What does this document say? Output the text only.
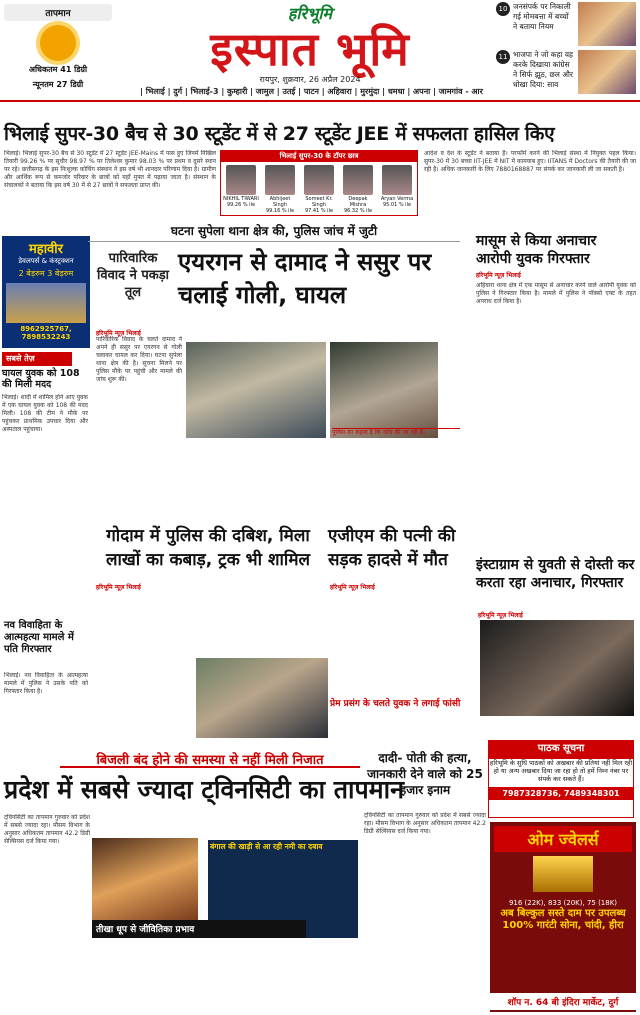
तापमान
अधिकतम 41 डिग्री
न्यूनतम 27 डिग्री
हरिभूमि
इस्पात भूमि
रायपुर, शुक्रवार, 26 अप्रैल 2024
| भिलाई | दुर्ग | भिलाई-3 | कुम्हारी | जामुल | उतई | पाटन | अहिवारा | मुरमुंदा | धमधा | अपना | जामगांव - आर
10 जनसंपर्क पर निकाली गई मोमबत्ता में बच्चों ने बताया नियम
11 भाजपा ने जो कहा वह करके दिखाया कांग्रेस ने सिर्फ झूठ, छल और धोखा दिया: साव
भिलाई सुपर-30 बैच से 30 स्टूडेंट में से 27 स्टूडेंट JEE में सफलता हासिल किए
भिलाई। भिलाई सुपर-30 बैच से 30 स्टूडेंट में 27 स्टूडेंट JEE-Mains में पास हुए जिनमें निखिल तिवारी 99.26 % पर सुधीर 98.97 % पर तिलेश्वर कुमार 98.03 % पर प्रथम व दूसरे स्थान पर रहे। छत्तीसगढ़ के इस निःशुल्क कोचिंग संस्थान ने इस वर्ष भी शानदार परिणाम दिया है। ग्रामीण और आर्थिक रूप से कमजोर परिवार के छात्रों को यहाँ मुफ्त में पढ़ाया जाता है। संस्थान के संचालकों ने बताया कि इस वर्ष 30 में से 27 छात्रों ने सफलता प्राप्त की।
भिलाई सुपर-30 के टॉपर छात्र
NIKHIL TIWARI
99.26 % ile
Abhijeet Singh
99.16 % ile
Someet Kr. Singh
97.41 % ile
Deepak Mishra
96.32 % ile
Aryan Verma
95.01 % ile
आदेश व देश के स्टूडेंट ने बताया है। परफॉर्म करने की भिलाई संस्था में नियुक्त पहल किया। सुपर-30 में 30 बच्चा IIT-JEE में NIT में कामयाब हुए। IITANS में Doctors की तैयारी की जा रही है। अधिक जानकारी के लिए 7880168887 पर संपर्क कर जानकारी ली जा सकती है।
महावीर
डेवलपर्स & कंस्ट्रक्शन
2 बेड़रुम 3 बेड़रुम
8962925767, 7898532243
सबसे तेज़
घायल युवक को 108 की मिली मदद
भिलाई। शादी में शामिल होने आए युवक में एक घायल युवक को 108 की मदद मिली। 108 की टीम ने मौके पर पहुंचकर प्राथमिक उपचार दिया और अस्पताल पहुंचाया।
घटना सुपेला थाना क्षेत्र की, पुलिस जांच में जुटी
पारिवारिक विवाद ने पकड़ा तूल
एयरगन से दामाद ने ससुर पर चलाई गोली, घायल
हरिभूमि न्यूज़ भिलाई
पारिवारिक विवाद के चलते दामाद ने अपने ही ससुर पर एयरगन से गोली चलाकर घायल कर दिया। घटना सुपेला थाना क्षेत्र की है। सूचना मिलने पर पुलिस मौके पर पहुंची और मामले की जांच शुरू की।
पुलिस का कहना है कि जांच की जा रही है।
मासूम से किया अनाचार आरोपी युवक गिरफ्तार
हरिभूमि न्यूज़ भिलाई
अहिवारा थाना क्षेत्र में एक मासूम से अनाचार करने वाले आरोपी युवक को पुलिस ने गिरफ्तार किया है। मामले में पुलिस ने पॉक्सो एक्ट के तहत अपराध दर्ज किया है।
गोदाम में पुलिस की दबिश, मिला लाखों का कबाड़, ट्रक भी शामिल
हरिभूमि न्यूज़ भिलाई
एजीएम की पत्नी की सड़क हादसे में मौत
हरिभूमि न्यूज़ भिलाई
प्रेम प्रसंग के चलते युवक ने लगाई फांसी
नव विवाहिता के आत्महत्या मामले में पति गिरफ्तार
भिलाई। नव विवाहिता के आत्महत्या मामले में पुलिस ने उसके पति को गिरफ्तार किया है।
इंस्टाग्राम से युवती से दोस्ती कर करता रहा अनाचार, गिरफ्तार
हरिभूमि न्यूज़ भिलाई
पाठक सूचना
हरिभूमि के सुधि पाठकों को अखबार की प्रतियां नहीं मिल रही हो या अन्य अखबार दिया जा रहा हो तो हमें निम्न नंबर पर संपर्क कर सकते हैं।
7987328736, 7489348301
ओम ज्वेलर्स
916 (22K), 833 (20K), 75 (18K)
अब बिल्कुल सस्ते दाम पर उपलब्ध
100% गारंटी सोना, चांदी, हीरा
शॉप न. 64 बी इंदिरा मार्केट, दुर्ग
बिजली बंद होने की समस्या से नहीं मिली निजात
प्रदेश में सबसे ज्यादा ट्विनसिटी का तापमान
दादी- पोती की हत्या, जानकारी देने वाले को 25 हजार इनाम
ट्विनसिटी का तापमान गुरुवार को प्रदेश में सबसे ज्यादा रहा। मौसम विभाग के अनुसार अधिकतम तापमान 42.2 डिग्री सेल्सियस दर्ज किया गया।
बंगाल की खाड़ी से आ रही नमी का दबाव
तीखा धूप से जीवितिका प्रभाव
ट्विनसिटी का तापमान गुरुवार को प्रदेश में सबसे ज्यादा रहा। मौसम विभाग के अनुसार अधिकतम तापमान 42.2 डिग्री सेल्सियस दर्ज किया गया।
